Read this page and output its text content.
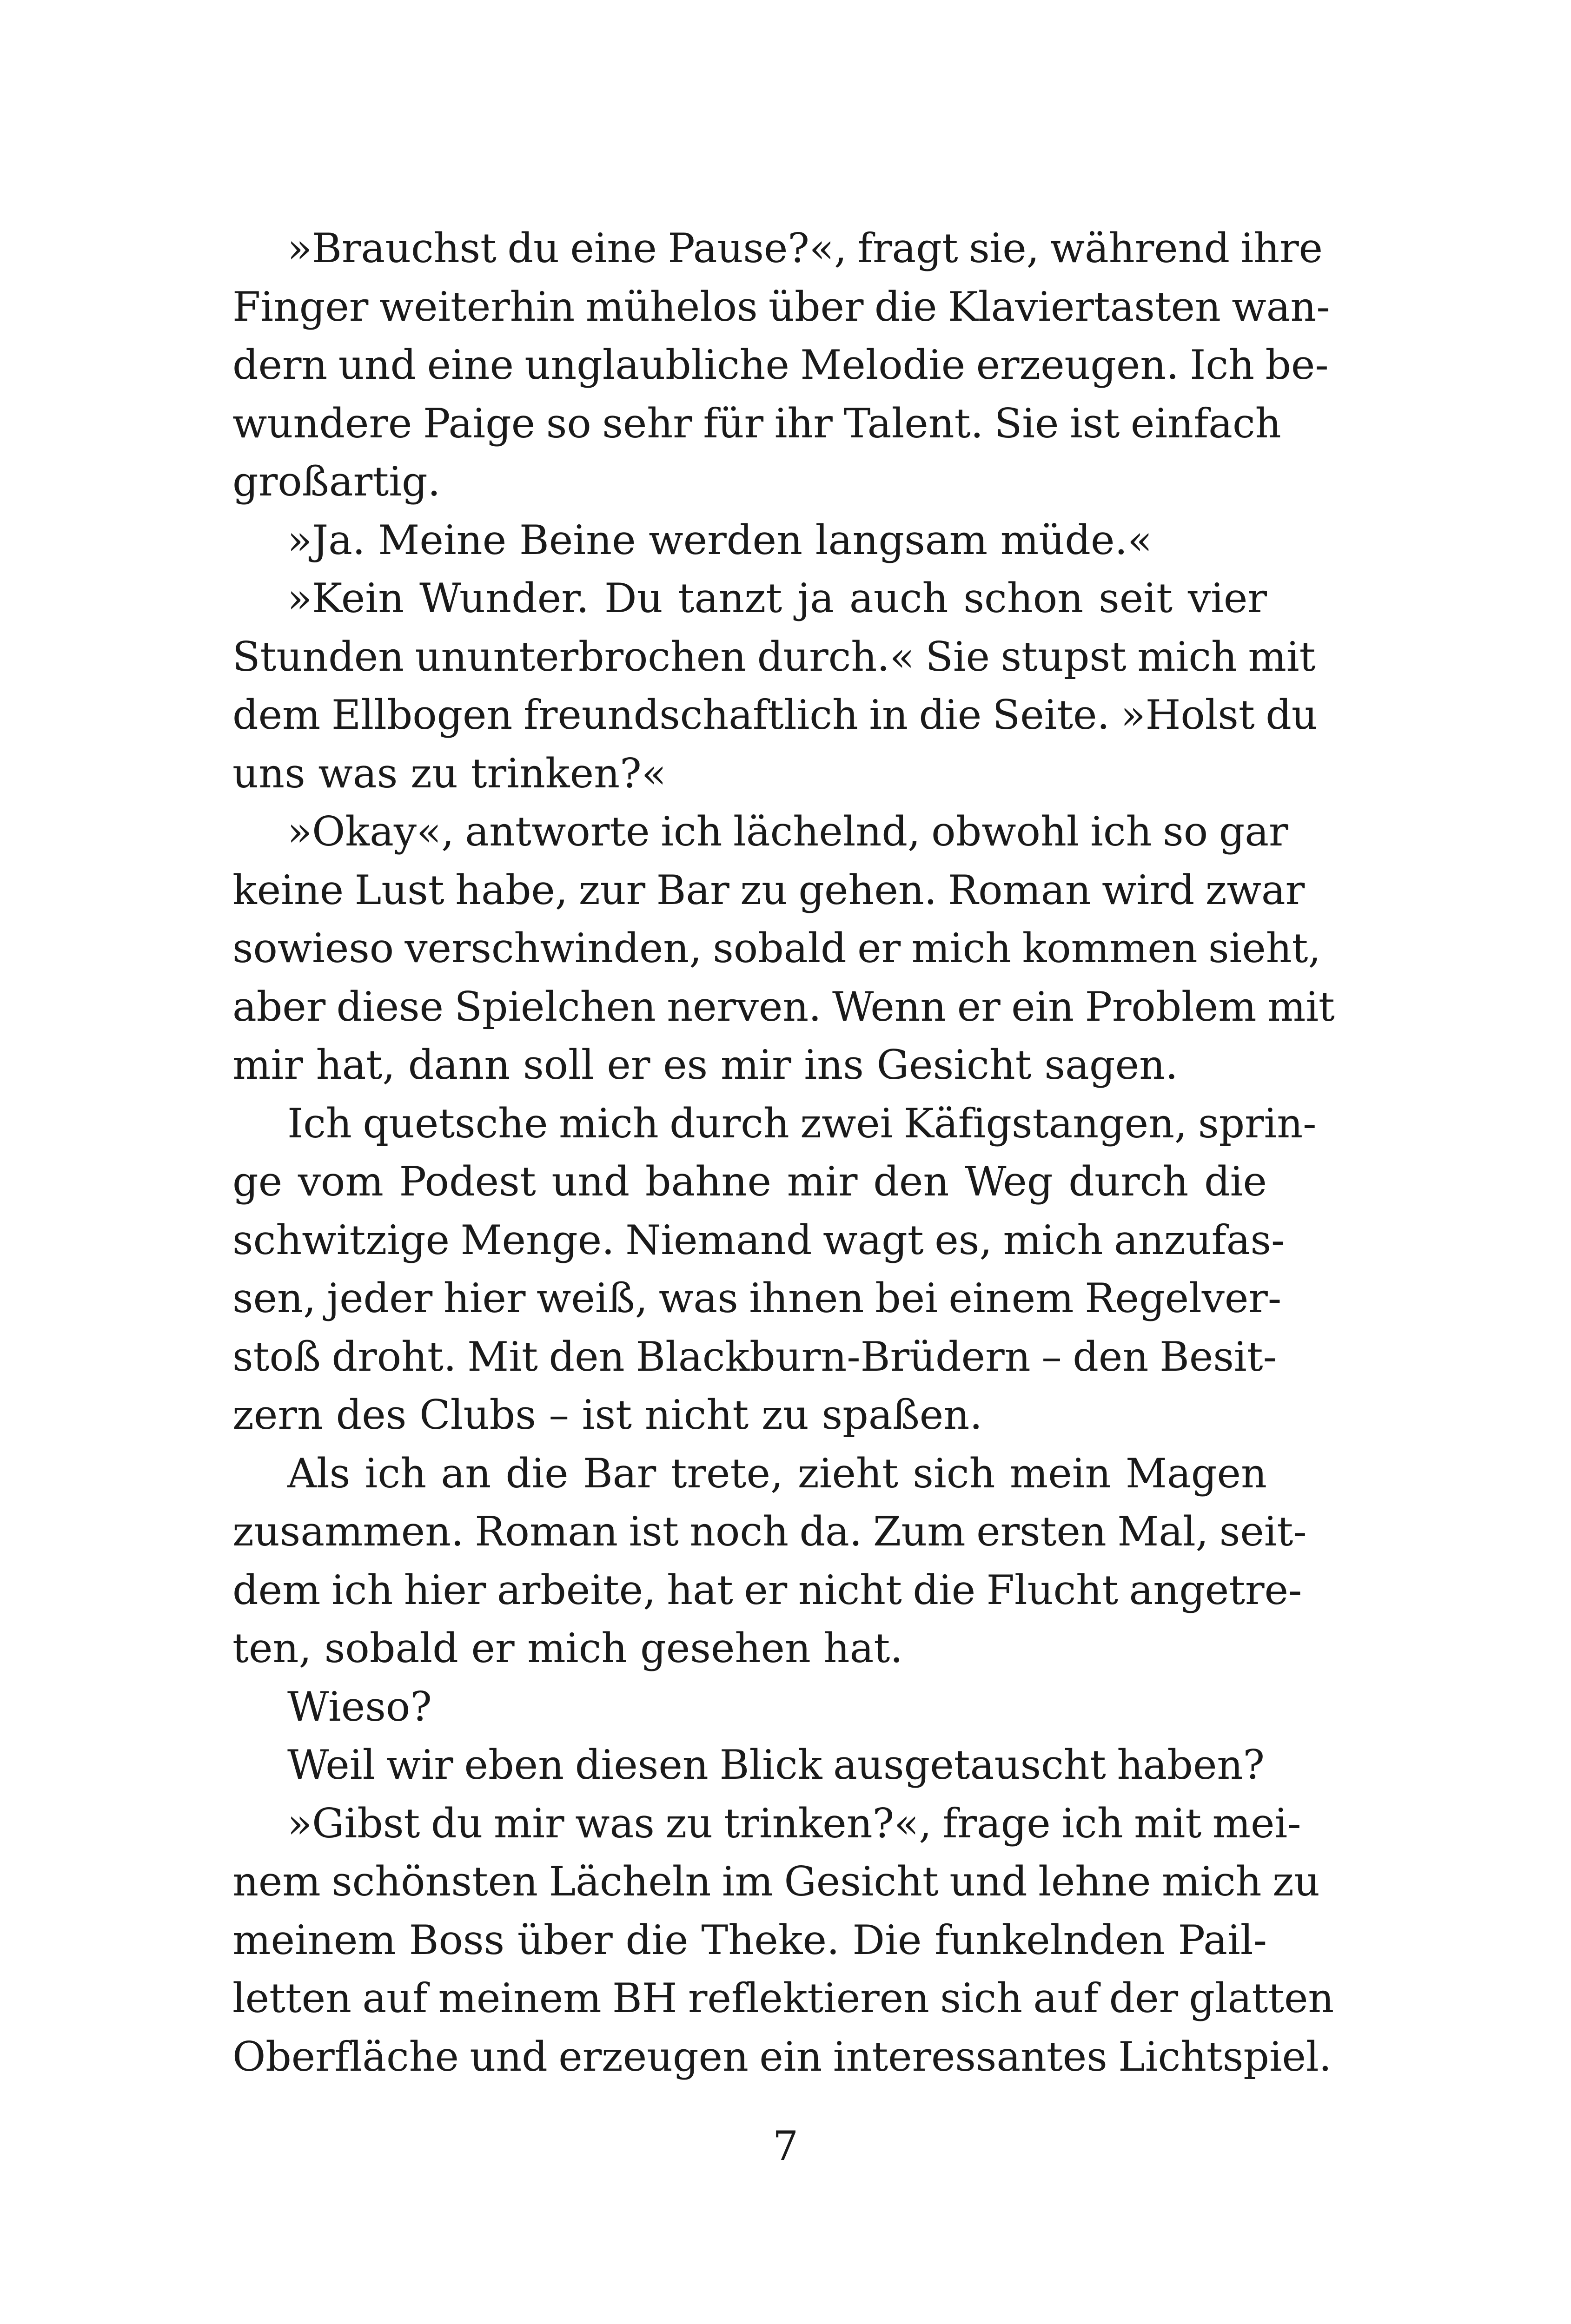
»Brauchst du eine Pause?«, fragt sie, während ihre
Finger weiterhin mühelos über die Klaviertasten wan-
dern und eine unglaubliche Melodie erzeugen. Ich be-
wundere Paige so sehr für ihr Talent. Sie ist einfach
großartig.
»Ja. Meine Beine werden langsam müde.«
»Kein Wunder. Du tanzt ja auch schon seit vier
Stunden ununterbrochen durch.« Sie stupst mich mit
dem Ellbogen freundschaftlich in die Seite. »Holst du
uns was zu trinken?«
»Okay«, antworte ich lächelnd, obwohl ich so gar
keine Lust habe, zur Bar zu gehen. Roman wird zwar
sowieso verschwinden, sobald er mich kommen sieht,
aber diese Spielchen nerven. Wenn er ein Problem mit
mir hat, dann soll er es mir ins Gesicht sagen.
Ich quetsche mich durch zwei Käfigstangen, sprin-
ge vom Podest und bahne mir den Weg durch die
schwitzige Menge. Niemand wagt es, mich anzufas-
sen, jeder hier weiß, was ihnen bei einem Regelver-
stoß droht. Mit den Blackburn-Brüdern – den Besit-
zern des Clubs – ist nicht zu spaßen.
Als ich an die Bar trete, zieht sich mein Magen
zusammen. Roman ist noch da. Zum ersten Mal, seit-
dem ich hier arbeite, hat er nicht die Flucht angetre-
ten, sobald er mich gesehen hat.
Wieso?
Weil wir eben diesen Blick ausgetauscht haben?
»Gibst du mir was zu trinken?«, frage ich mit mei-
nem schönsten Lächeln im Gesicht und lehne mich zu
meinem Boss über die Theke. Die funkelnden Pail-
letten auf meinem BH reflektieren sich auf der glatten
Oberfläche und erzeugen ein interessantes Lichtspiel.
7
